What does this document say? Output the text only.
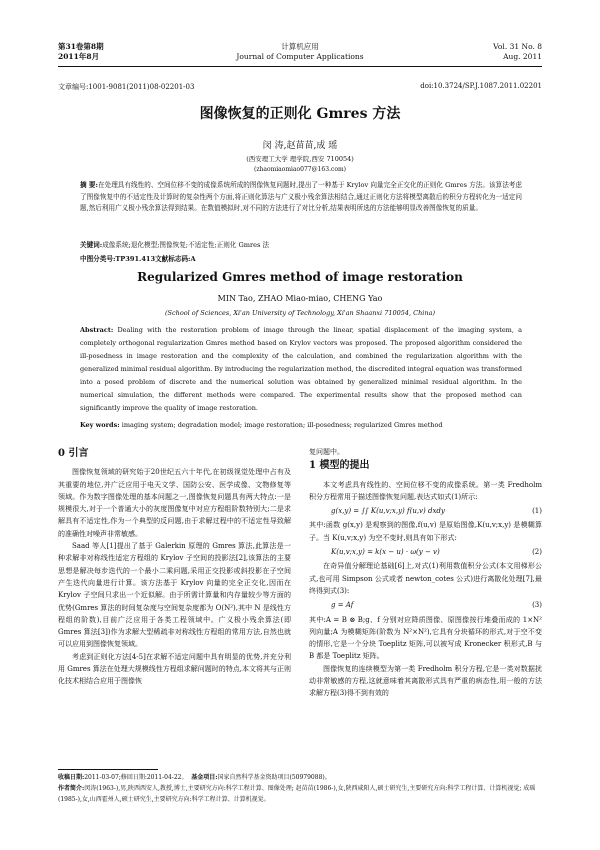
第31卷第8期
2011年8月
计算机应用
Journal of Computer Applications
Vol. 31 No. 8
Aug. 2011
文章编号:1001-9081(2011)08-02201-03	doi:10.3724/SP.J.1087.2011.02201
图像恢复的正则化 Gmres 方法
闵 涛,赵苗苗,成 瑶
(西安理工大学 理学院,西安 710054)
(zhaomiaomiao077@163.com)
摘 要:在处理具有线性的、空间位移不变的成像系统所成的图像恢复问题时,提出了一种基于 Krylov 向量完全正交化的正则化 Gmres 方法。该算法考虑了图像恢复中的不适定性及计算时的复杂性两个方面,将正则化算法与广义极小残余算法相结合,通过正则化方法将模型离散后的积分方程转化为一适定问题,然后利用广义极小残余算法得到结果。在数值模拟时,对不同的方法进行了对比分析,结果表明所选的方法能够明显改善图像恢复的质量。
关键词:成像系统;退化模型;图像恢复;不适定性;正则化 Gmres 法
中图分类号:TP391.413文献标志码:A
Regularized Gmres method of image restoration
MIN Tao, ZHAO Miao-miao, CHENG Yao
(School of Sciences, Xi'an University of Technology, Xi'an Shaanxi 710054, China)
Abstract: Dealing with the restoration problem of image through the linear, spatial displacement of the imaging system, a completely orthogonal regularization Gmres method based on Krylov vectors was proposed. The proposed algorithm considered the ill-posedness in image restoration and the complexity of the calculation, and combined the regularization algorithm with the generalized minimal residual algorithm. By introducing the regularization method, the discredited integral equation was transformed into a posed problem of discrete and the numerical solution was obtained by generalized minimal residual algorithm. In the numerical simulation, the different methods were compared. The experimental results show that the proposed method can significantly improve the quality of image restoration.
Key words: imaging system; degradation model; image restoration; ill-posedness; regularized Gmres method
0 引言

图像恢复领域的研究始于20世纪五六十年代,在初级视觉处理中占有及其重要的地位,并广泛应用于电天文学、国防公安、医学成像、文物修复等领域。作为数字图像处理的基本问题之一,图像恢复问题具有两大特点:一是规模很大,对于一个普通大小的灰度图像复中对应方程组阶数特别大;二是求解具有不适定性,作为一个典型的反问题,由于求解过程中的不适定性导致解的准确性对噪声非常敏感。

Saad 等人[1]提出了基于 Galerkin 原理的 Gmres 算法,此算法是一种求解非对称线性适定方程组的 Krylov 子空间的投影法[2],该算法的主要思想是解决每步迭代的一个最小二乘问题,采用正交投影或斜投影在子空间产生迭代向量进行计算。该方法基于 Krylov 向量的完全正交化,因而在 Krylov 子空间只求出一个近似解。由于所需计算量和内存量较少等方面的优势(Gmres 算法的时间复杂度与空间复杂度都为 O(N²),其中 N 是线性方程组的阶数),目前广泛应用于各类工程领域中。广义极小残余算法(即 Gmres 算法[3])作为求解大型稀疏非对称线性方程组的常用方法,自然也就可以应用到图像恢复领域。

考虑到正则化方法[4-5]在求解不适定问题中具有明显的优势,并充分利用 Gmres 算法在处理大规模线性方程组求解问题时的特点,本文将其与正则化技术相结合应用于图像恢

复问题中。

1 模型的提出

本文考虑具有线性的、空间位移不变的成像系统。第一类 Fredholm 积分方程常用于描述图像恢复问题,表达式如式(1)所示:

g(x,y) = ∫∫ K(u,v;x,y) f(u,v) dxdy	(1)

其中:函数 g(x,y) 是观察到的图像,f(u,v) 是原始图像,K(u,v;x,y) 是模糊算子。当 K(u,v;x,y) 为空不变时,则具有如下形式:

K(u,v;x,y) = k(x − u) · ω(y − v)	(2)

在奇异值分解理论基础[6]上,对式(1)利用数值积分公式(本文用梯形公式,也可用 Simpson 公式或者 newton_cotes 公式)进行离散化处理[7],最终得到式(3):

g = Af	(3)

其中:A = B ⊗ B;g、f 分别对应降质图像、原图像按行堆叠而成的 1×N² 列向量;A 为模糊矩阵(阶数为 N²×N²),它具有分块循环的形式,对于空不变的情形,它是一个分块 Toeplitz 矩阵,可以被写成 Kronecker 积形式,B 与 B 都是 Toeplitz 矩阵。

图像恢复的连续模型为第一类 Fredholm 积分方程,它是一类对数据扰动非常敏感的方程,这就意味着其离散形式具有严重的病态性,用一般的方法求解方程(3)得不到有效的

收稿日期:2011-03-07;修回日期:2011-04-22。 基金项目:国家自然科学基金资助项目(50979088)。
作者简介:闵涛(1963-),男,陕西西安人,教授,博士,主要研究方向:科学工程计算、图像处理; 赵苗苗(1986-),女,陕西咸阳人,硕士研究生,主要研究方向:科学工程计算、计算机视觉; 成瑶(1985-),女,山西霍州人,硕士研究生,主要研究方向:科学工程计算、计算机视觉。
